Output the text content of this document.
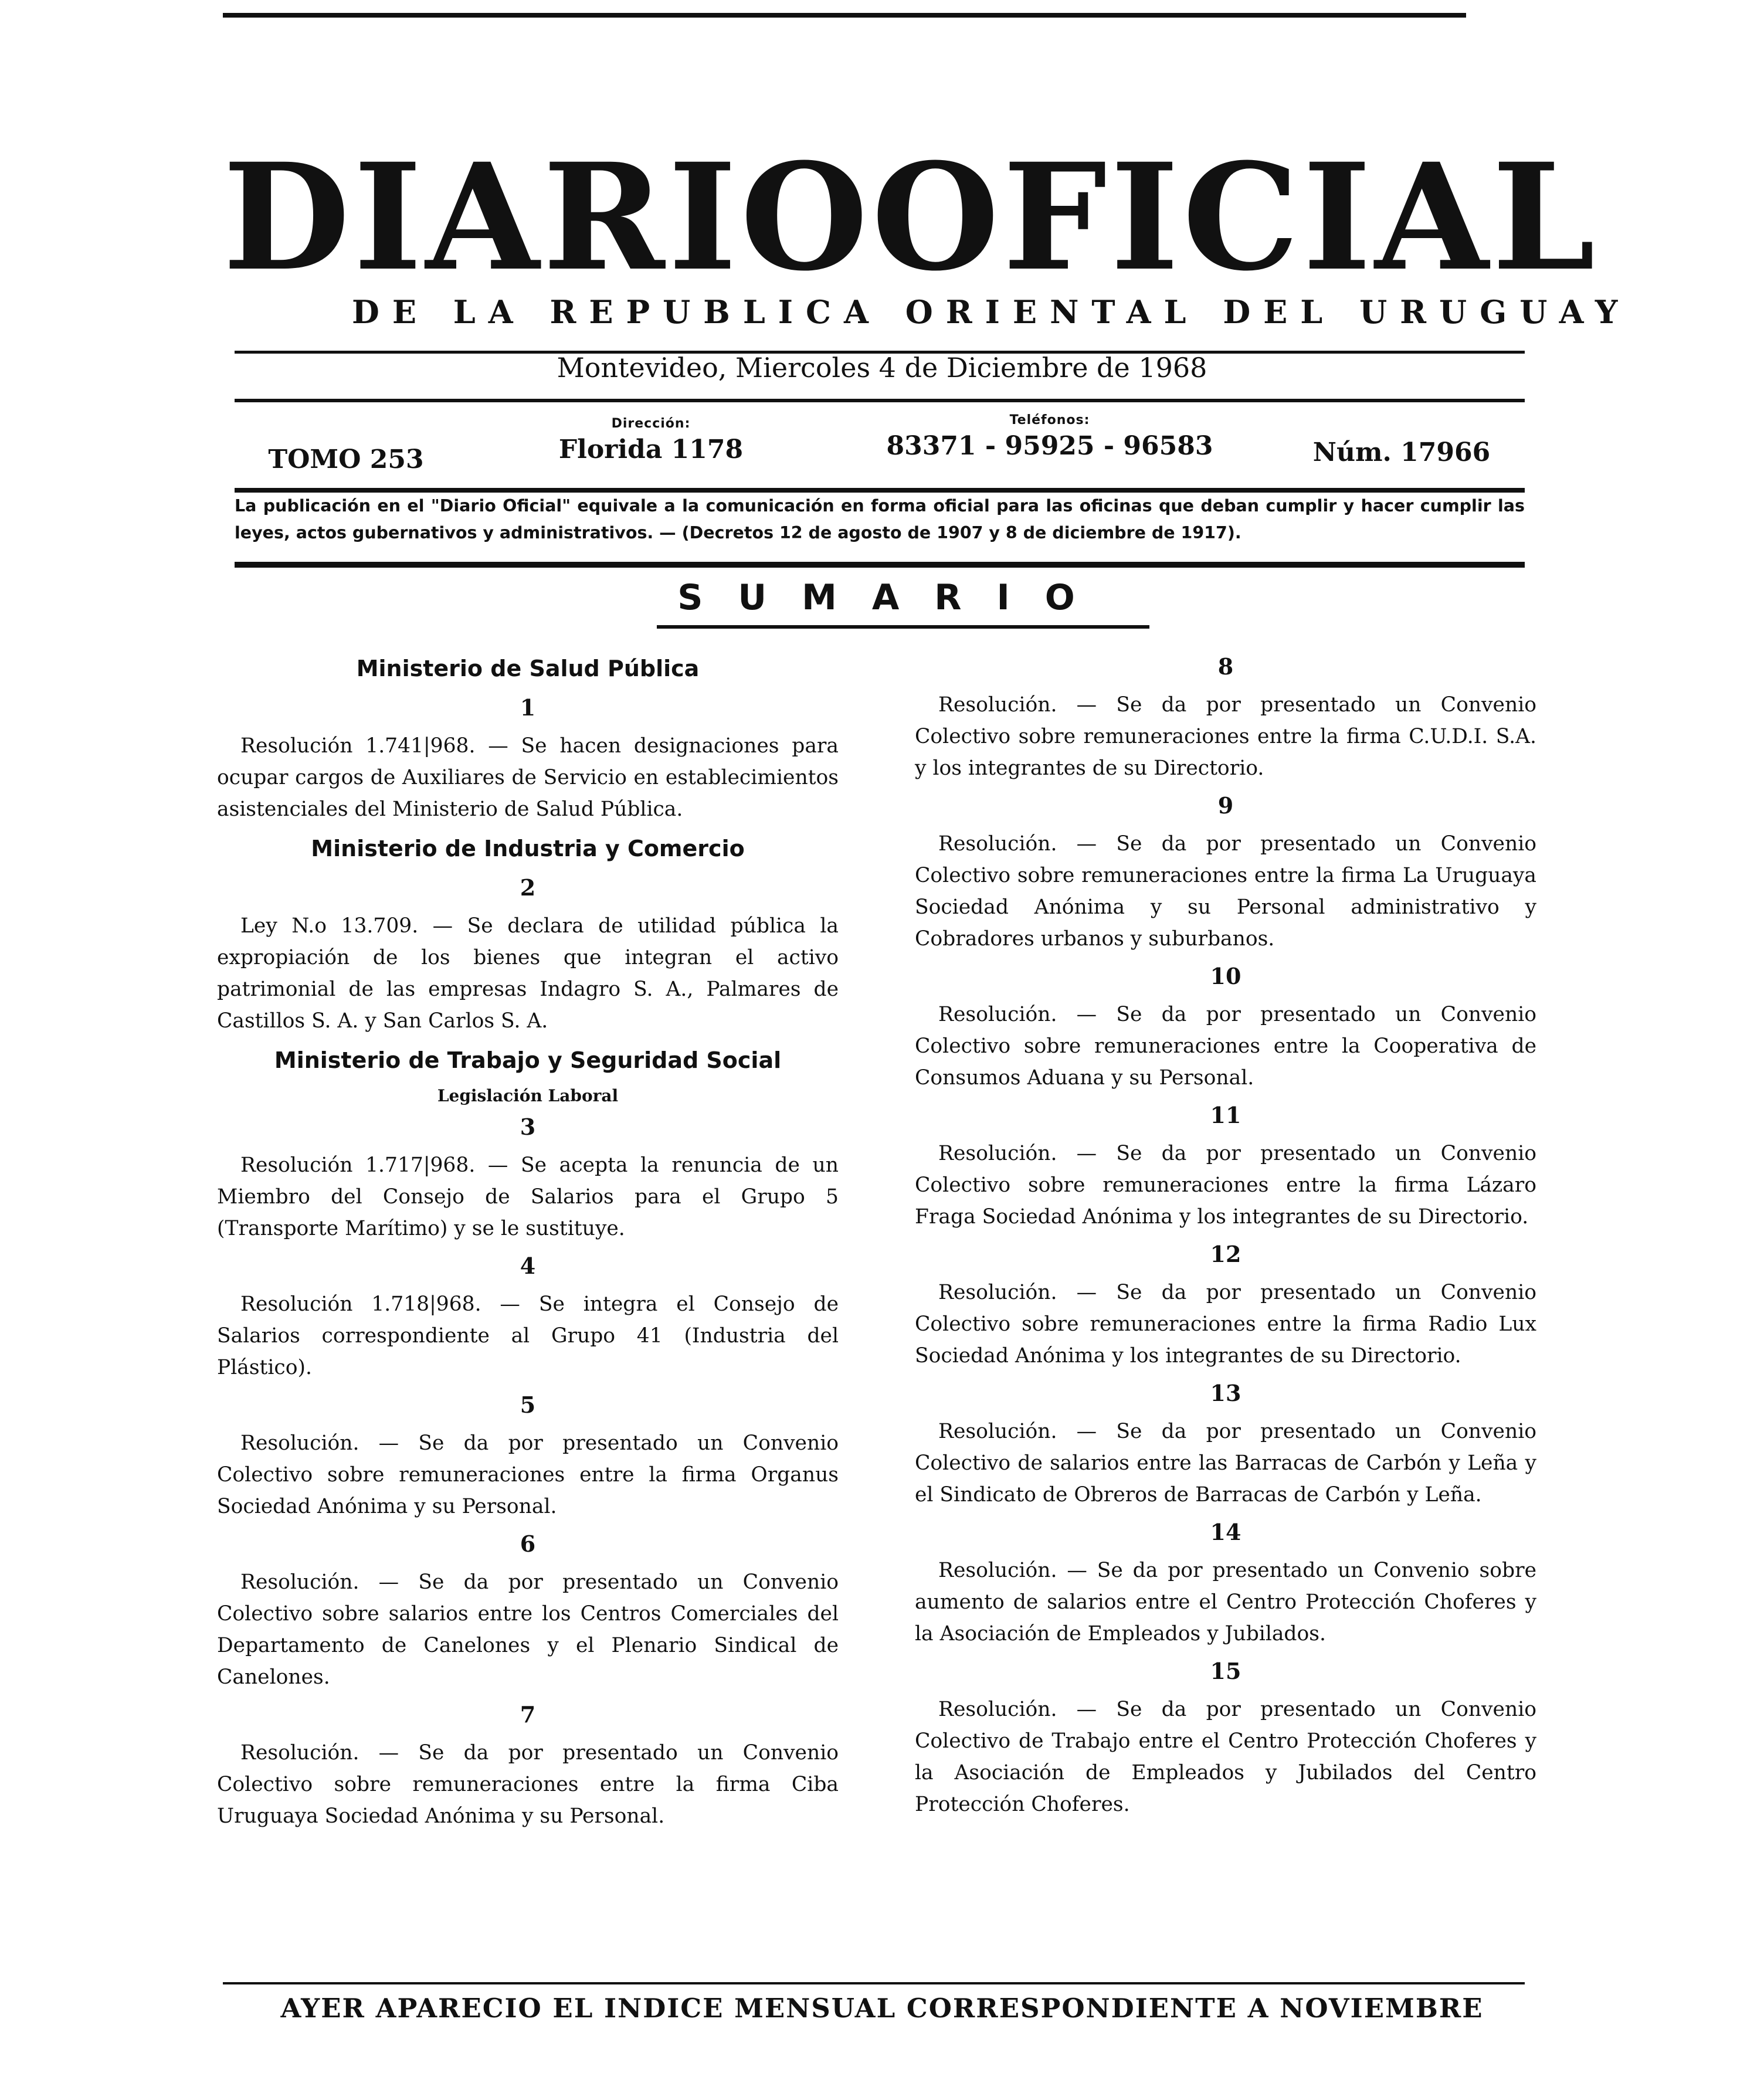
DIARIO OFICIAL
DE LA REPUBLICA ORIENTAL DEL URUGUAY
Montevideo, Miercoles 4 de Diciembre de 1968
TOMO 253
Dirección:
Florida 1178
Teléfonos:
83371 - 95925 - 96583	Núm. 17966
La publicación en el "Diario Oficial" equivale a la comunicación en forma oficial para las oficinas que deban cumplir y hacer cumplir las leyes, actos gubernativos y administrativos. — (Decretos 12 de agosto de 1907 y 8 de diciembre de 1917).
SUMARIO
Ministerio de Salud Pública
1

Resolución 1.741|968. — Se hacen designaciones para ocupar cargos de Auxiliares de Servicio en establecimientos asistenciales del Ministerio de Salud Pública.

Ministerio de Industria y Comercio
2

Ley N.o 13.709. — Se declara de utilidad pública la expropiación de los bienes que integran el activo patrimonial de las empresas Indagro S. A., Palmares de Castillos S. A. y San Carlos S. A.

Ministerio de Trabajo y Seguridad Social
Legislación Laboral
3

Resolución 1.717|968. — Se acepta la renuncia de un Miembro del Consejo de Salarios para el Grupo 5 (Transporte Marítimo) y se le sustituye.

4

Resolución 1.718|968. — Se integra el Consejo de Salarios correspondiente al Grupo 41 (Industria del Plástico).

5

Resolución. — Se da por presentado un Convenio Colectivo sobre remuneraciones entre la firma Organus Sociedad Anónima y su Personal.

6

Resolución. — Se da por presentado un Convenio Colectivo sobre salarios entre los Centros Comerciales del Departamento de Canelones y el Plenario Sindical de Canelones.

7

Resolución. — Se da por presentado un Convenio Colectivo sobre remuneraciones entre la firma Ciba Uruguaya Sociedad Anónima y su Personal.

8

Resolución. — Se da por presentado un Convenio Colectivo sobre remuneraciones entre la firma C.U.D.I. S.A. y los integrantes de su Directorio.

9

Resolución. — Se da por presentado un Convenio Colectivo sobre remuneraciones entre la firma La Uruguaya Sociedad Anónima y su Personal administrativo y Cobradores urbanos y suburbanos.

10

Resolución. — Se da por presentado un Convenio Colectivo sobre remuneraciones entre la Cooperativa de Consumos Aduana y su Personal.

11

Resolución. — Se da por presentado un Convenio Colectivo sobre remuneraciones entre la firma Lázaro Fraga Sociedad Anónima y los integrantes de su Directorio.

12

Resolución. — Se da por presentado un Convenio Colectivo sobre remuneraciones entre la firma Radio Lux Sociedad Anónima y los integrantes de su Directorio.

13

Resolución. — Se da por presentado un Convenio Colectivo de salarios entre las Barracas de Carbón y Leña y el Sindicato de Obreros de Barracas de Carbón y Leña.

14

Resolución. — Se da por presentado un Convenio sobre aumento de salarios entre el Centro Protección Choferes y la Asociación de Empleados y Jubilados.

15

Resolución. — Se da por presentado un Convenio Colectivo de Trabajo entre el Centro Protección Choferes y la Asociación de Empleados y Jubilados del Centro Protección Choferes.

AYER APARECIO EL INDICE MENSUAL CORRESPONDIENTE A NOVIEMBRE
